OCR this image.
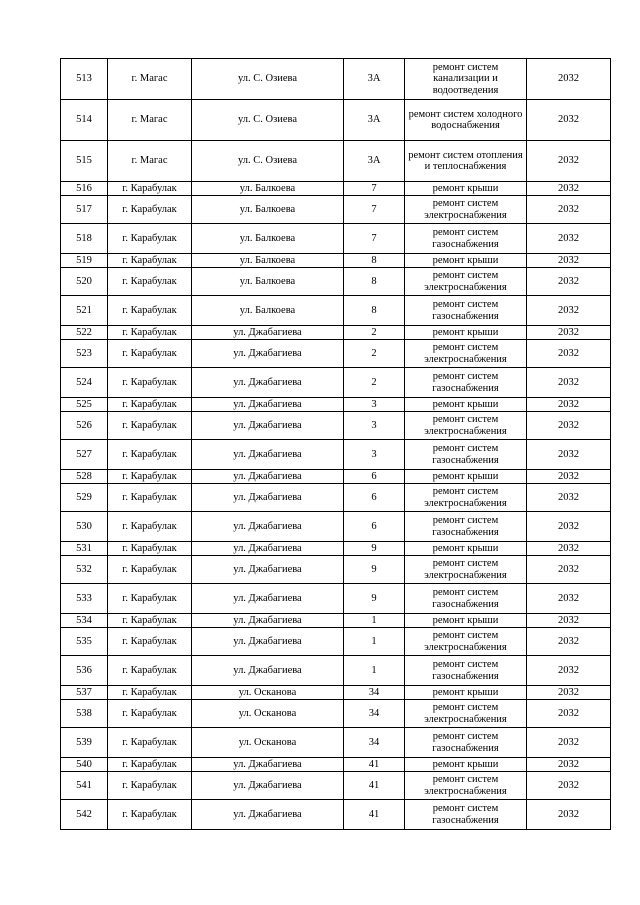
513	г. Магас	ул. С. Озиева	3А	ремонт систем канализации и водоотведения	2032
514	г. Магас	ул. С. Озиева	3А	ремонт систем холодного водоснабжения	2032
515	г. Магас	ул. С. Озиева	3А	ремонт систем отопления и теплоснабжения	2032
516	г. Карабулак	ул. Балкоева	7	ремонт крыши	2032
517	г. Карабулак	ул. Балкоева	7	ремонт систем электроснабжения	2032
518	г. Карабулак	ул. Балкоева	7	ремонт систем газоснабжения	2032
519	г. Карабулак	ул. Балкоева	8	ремонт крыши	2032
520	г. Карабулак	ул. Балкоева	8	ремонт систем электроснабжения	2032
521	г. Карабулак	ул. Балкоева	8	ремонт систем газоснабжения	2032
522	г. Карабулак	ул. Джабагиева	2	ремонт крыши	2032
523	г. Карабулак	ул. Джабагиева	2	ремонт систем электроснабжения	2032
524	г. Карабулак	ул. Джабагиева	2	ремонт систем газоснабжения	2032
525	г. Карабулак	ул. Джабагиева	3	ремонт крыши	2032
526	г. Карабулак	ул. Джабагиева	3	ремонт систем электроснабжения	2032
527	г. Карабулак	ул. Джабагиева	3	ремонт систем газоснабжения	2032
528	г. Карабулак	ул. Джабагиева	6	ремонт крыши	2032
529	г. Карабулак	ул. Джабагиева	6	ремонт систем электроснабжения	2032
530	г. Карабулак	ул. Джабагиева	6	ремонт систем газоснабжения	2032
531	г. Карабулак	ул. Джабагиева	9	ремонт крыши	2032
532	г. Карабулак	ул. Джабагиева	9	ремонт систем электроснабжения	2032
533	г. Карабулак	ул. Джабагиева	9	ремонт систем газоснабжения	2032
534	г. Карабулак	ул. Джабагиева	1	ремонт крыши	2032
535	г. Карабулак	ул. Джабагиева	1	ремонт систем электроснабжения	2032
536	г. Карабулак	ул. Джабагиева	1	ремонт систем газоснабжения	2032
537	г. Карабулак	ул. Осканова	34	ремонт крыши	2032
538	г. Карабулак	ул. Осканова	34	ремонт систем электроснабжения	2032
539	г. Карабулак	ул. Осканова	34	ремонт систем газоснабжения	2032
540	г. Карабулак	ул. Джабагиева	41	ремонт крыши	2032
541	г. Карабулак	ул. Джабагиева	41	ремонт систем электроснабжения	2032
542	г. Карабулак	ул. Джабагиева	41	ремонт систем газоснабжения	2032
